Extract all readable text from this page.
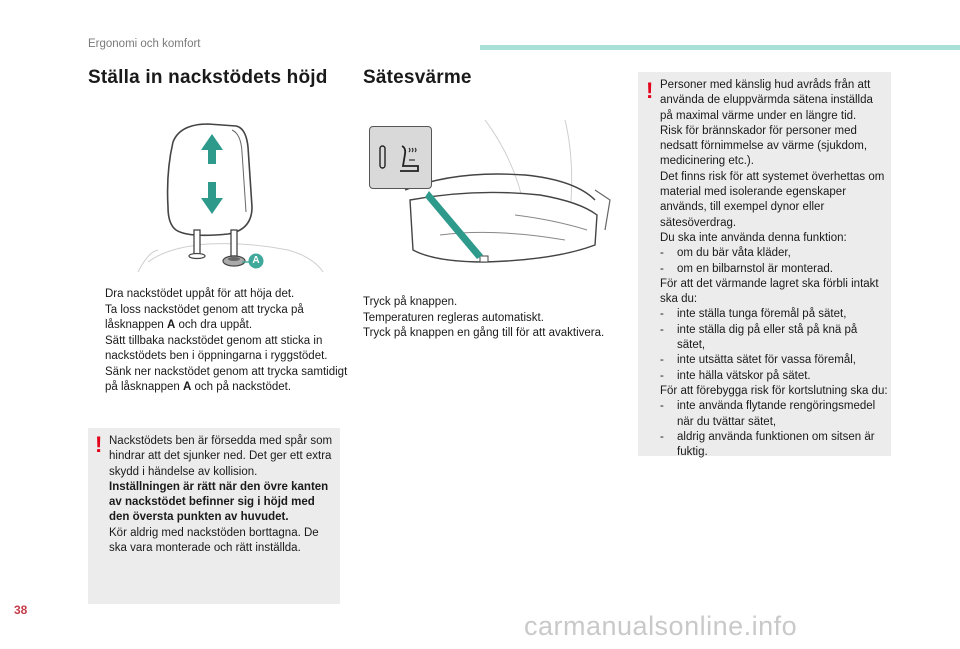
Ergonomi och komfort
Ställa in nackstödets höjd Sätesvärme
A
Dra nackstödet uppåt för att höja det.
Ta loss nackstödet genom att trycka på låsknappen A och dra uppåt.
Sätt tillbaka nackstödet genom att sticka in nackstödets ben i öppningarna i ryggstödet.
Sänk ner nackstödet genom att trycka samtidigt på låsknappen A och på nackstödet.
! Nackstödets ben är försedda med spår som hindrar att det sjunker ned. Det ger ett extra skydd i händelse av kollision.
Inställningen är rätt när den övre kanten av nackstödet befinner sig i höjd med den översta punkten av huvudet.
Kör aldrig med nackstöden borttagna. De ska vara monterade och rätt inställda.
Tryck på knappen.
Temperaturen regleras automatiskt.
Tryck på knappen en gång till för att avaktivera.
! Personer med känslig hud avråds från att använda de eluppvärmda sätena inställda på maximal värme under en längre tid.
Risk för brännskador för personer med nedsatt förnimmelse av värme (sjukdom, medicinering etc.).
Det finns risk för att systemet överhettas om material med isolerande egenskaper används, till exempel dynor eller sätesöverdrag.
Du ska inte använda denna funktion:
- om du bär våta kläder,
- om en bilbarnstol är monterad.
För att det värmande lagret ska förbli intakt ska du:
- inte ställa tunga föremål på sätet,
- inte ställa dig på eller stå på knä på sätet,
- inte utsätta sätet för vassa föremål,
- inte hälla vätskor på sätet.
För att förebygga risk för kortslutning ska du:
- inte använda flytande rengöringsmedel när du tvättar sätet,
- aldrig använda funktionen om sitsen är fuktig.
38
carmanualsonline.info
